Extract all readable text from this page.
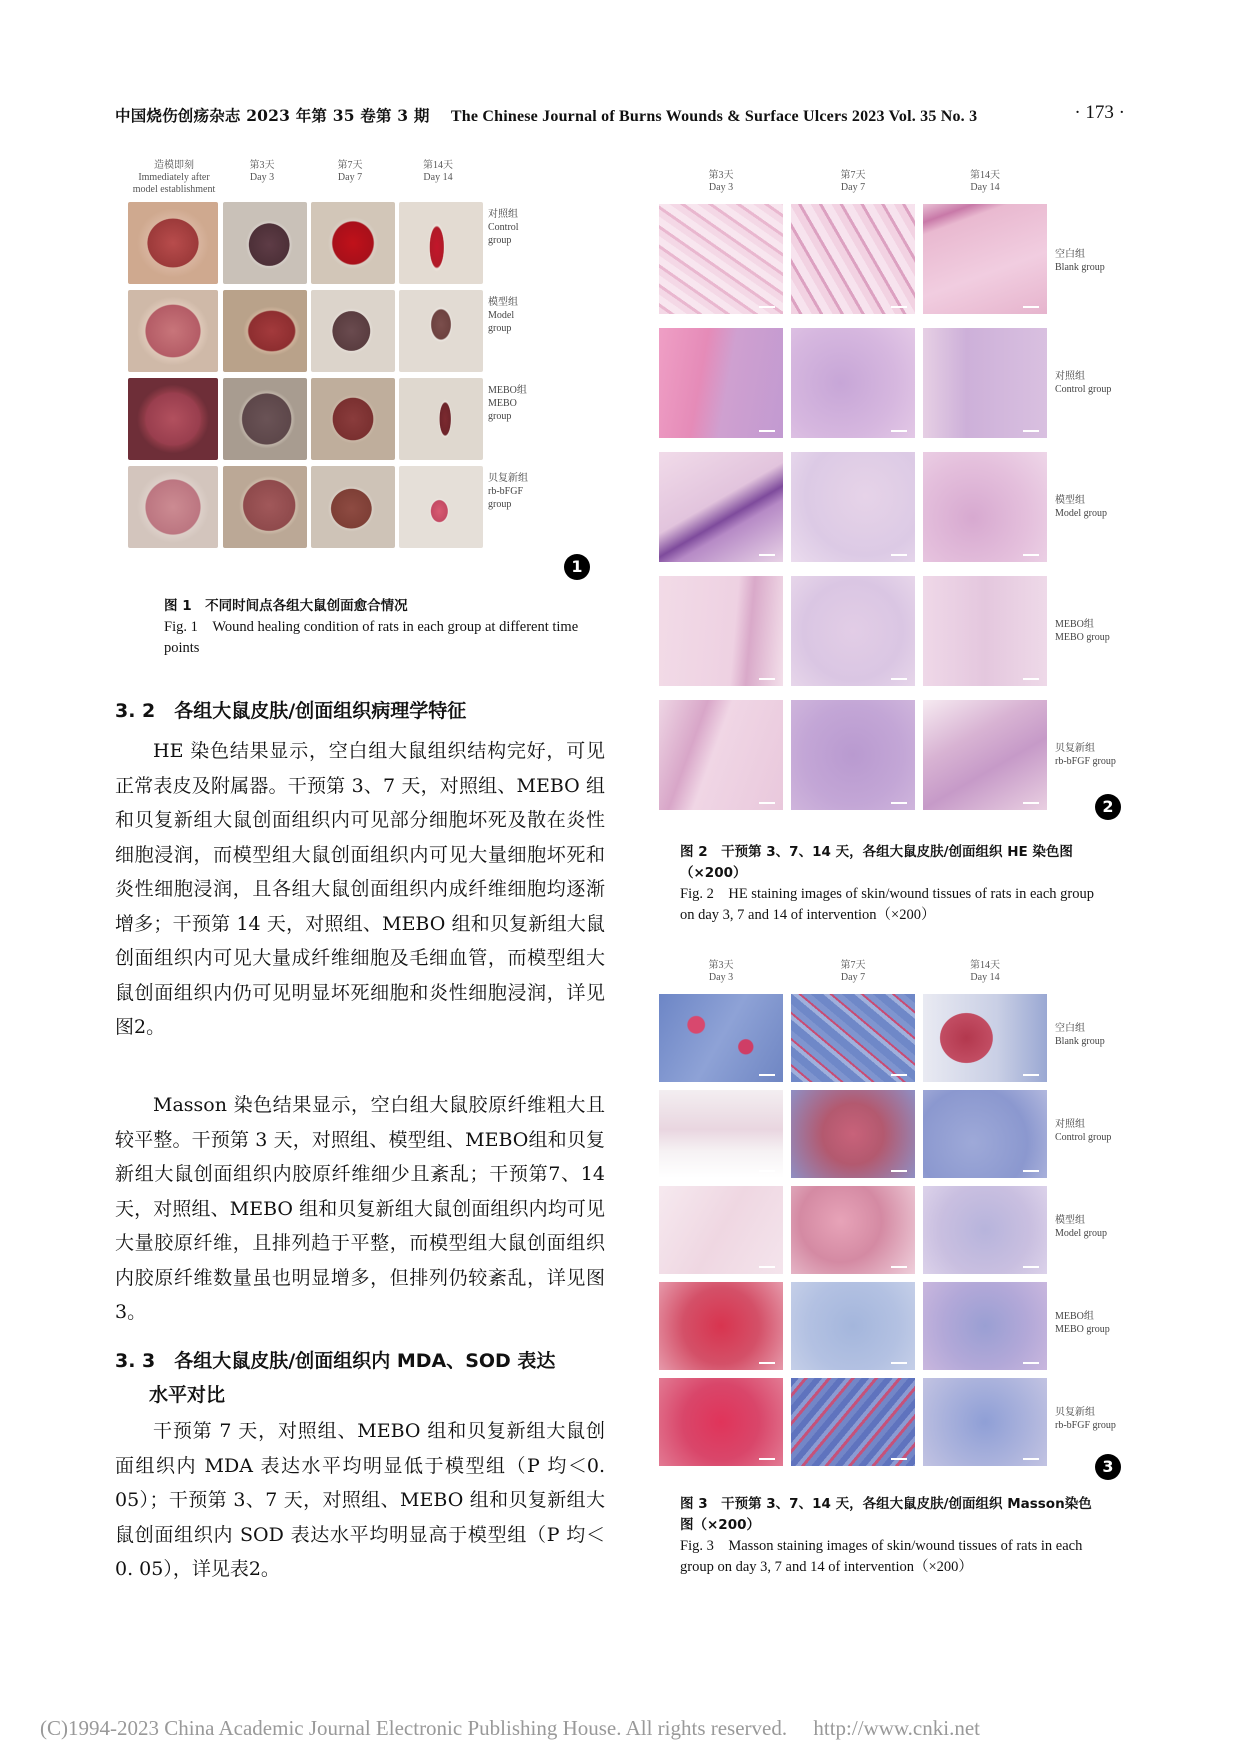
中国烧伤创疡杂志 2023 年第 35 卷第 3 期　 The Chinese Journal of Burns Wounds & Surface Ulcers 2023 Vol. 35 No. 3	· 173 ·
造模即刻
Immediately after model establishment
第3天
Day 3
第7天
Day 7
第14天
Day 14
对照组
Control group
模型组
Model group
MEBO组
MEBO group
贝复新组
rb-bFGF group
1
图 1　不同时间点各组大鼠创面愈合情况
Fig. 1　Wound healing condition of rats in each group at different time points
3. 2　各组大鼠皮肤/创面组织病理学特征
HE 染色结果显示，空白组大鼠组织结构完好，可见正常表皮及附属器。干预第 3、7 天，对照组、MEBO 组和贝复新组大鼠创面组织内可见部分细胞坏死及散在炎性细胞浸润，而模型组大鼠创面组织内可见大量细胞坏死和炎性细胞浸润，且各组大鼠创面组织内成纤维细胞均逐渐增多；干预第 14 天，对照组、MEBO 组和贝复新组大鼠创面组织内可见大量成纤维细胞及毛细血管，而模型组大鼠创面组织内仍可见明显坏死细胞和炎性细胞浸润，详见图2。
Masson 染色结果显示，空白组大鼠胶原纤维粗大且较平整。干预第 3 天，对照组、模型组、MEBO组和贝复新组大鼠创面组织内胶原纤维细少且紊乱；干预第7、14 天，对照组、MEBO 组和贝复新组大鼠创面组织内均可见大量胶原纤维，且排列趋于平整，而模型组大鼠创面组织内胶原纤维数量虽也明显增多，但排列仍较紊乱，详见图 3。
3. 3　各组大鼠皮肤/创面组织内 MDA、SOD 表达
水平对比
干预第 7 天，对照组、MEBO 组和贝复新组大鼠创面组织内 MDA 表达水平均明显低于模型组（P 均＜0. 05）；干预第 3、7 天，对照组、MEBO 组和贝复新组大鼠创面组织内 SOD 表达水平均明显高于模型组（P 均＜0. 05），详见表2。
第3天
Day 3
第7天
Day 7
第14天
Day 14
空白组
Blank group
对照组
Control group
模型组
Model group
MEBO组
MEBO group
贝复新组
rb-bFGF group
2
图 2　干预第 3、7、14 天，各组大鼠皮肤/创面组织 HE 染色图（×200）
Fig. 2　HE staining images of skin/wound tissues of rats in each group on day 3, 7 and 14 of intervention（×200）
第3天
Day 3
第7天
Day 7
第14天
Day 14
空白组
Blank group
对照组
Control group
模型组
Model group
MEBO组
MEBO group
贝复新组
rb-bFGF group
3
图 3　干预第 3、7、14 天，各组大鼠皮肤/创面组织 Masson染色图（×200）
Fig. 3　Masson staining images of skin/wound tissues of rats in each group on day 3, 7 and 14 of intervention（×200）
(C)1994-2023 China Academic Journal Electronic Publishing House. All rights reserved.　 http://www.cnki.net
